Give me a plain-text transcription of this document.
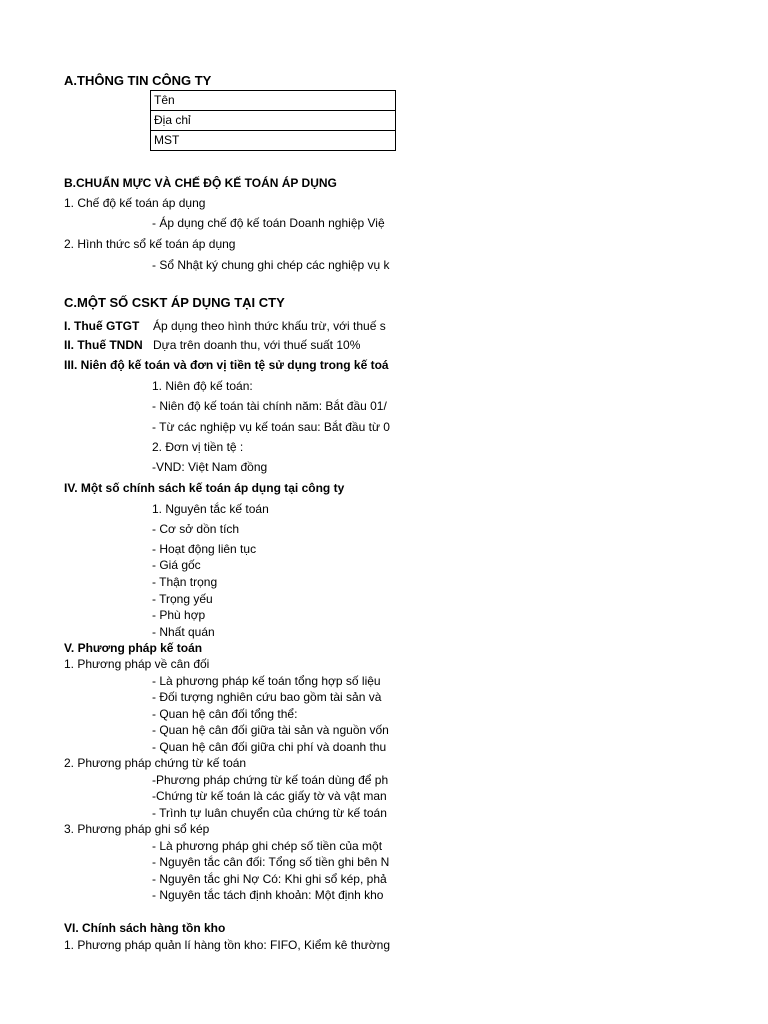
A.THÔNG TIN CÔNG TY
Tên
Địa chỉ
MST
B.CHUẨN MỰC VÀ CHẾ ĐỘ KẾ TOÁN ÁP DỤNG
1. Chế độ kế toán áp dụng
- Áp dụng chế độ kế toán Doanh nghiệp Việ
2. Hình thức sổ kế toán áp dụng
- Sổ Nhật ký chung ghi chép các nghiệp vụ k
C.MỘT SỐ CSKT ÁP DỤNG TẠI CTY
I. Thuế GTGT Áp dụng theo hình thức khấu trừ, với thuế s
II. Thuế TNDN Dựa trên doanh thu, với thuế suất 10%
III. Niên độ kế toán và đơn vị tiền tệ sử dụng trong kế toá
1. Niên độ kế toán:
- Niên độ kế toán tài chính năm: Bắt đầu 01/
- Từ các nghiệp vụ kế toán sau: Bắt đầu từ 0
2. Đơn vị tiền tệ :
-VND: Việt Nam đồng
IV. Một số chính sách kế toán áp dụng tại công ty
1. Nguyên tắc kế toán
- Cơ sở dồn tích
- Hoạt động liên tục
- Giá gốc
- Thận trọng
- Trọng yếu
- Phù hợp
- Nhất quán
V. Phương pháp kế toán
1. Phương pháp về cân đối
- Là phương pháp kế toán tổng hợp số liệu
- Đối tượng nghiên cứu bao gồm tài sản và
- Quan hệ cân đối tổng thể:
- Quan hệ cân đối giữa tài sản và nguồn vốn
- Quan hệ cân đối giữa chi phí và doanh thu
2. Phương pháp chứng từ kế toán
-Phương pháp chứng từ kế toán dùng để ph
-Chứng từ kế toán là các giấy tờ và vật man
- Trình tự luân chuyển của chứng từ kế toán
3. Phương pháp ghi sổ kép
- Là phương pháp ghi chép số tiền của một
- Nguyên tắc cân đối: Tổng số tiền ghi bên N
- Nguyên tắc ghi Nợ Có: Khi ghi sổ kép, phả
- Nguyên tắc tách định khoản: Một định kho
VI. Chính sách hàng tồn kho
1. Phương pháp quản lí hàng tồn kho: FIFO, Kiểm kê thường
